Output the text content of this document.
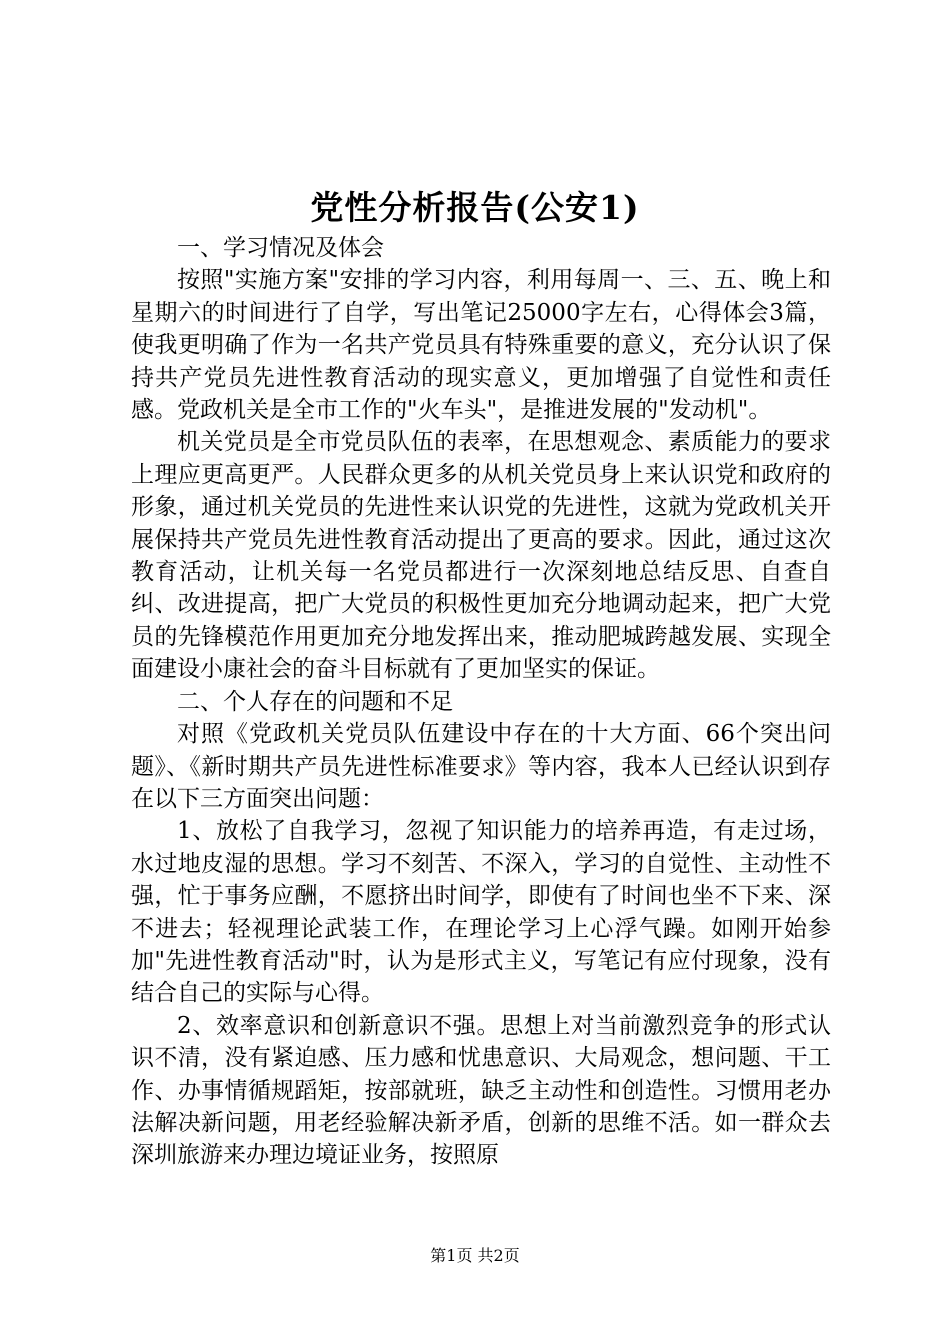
党性分析报告(公安1)

一、学习情况及体会

按照"实施方案"安排的学习内容，利用每周一、三、五、晚上和星期六的时间进行了自学，写出笔记25000字左右，心得体会3篇，使我更明确了作为一名共产党员具有特殊重要的意义，充分认识了保持共产党员先进性教育活动的现实意义，更加增强了自觉性和责任感。党政机关是全市工作的"火车头"，是推进发展的"发动机"。

机关党员是全市党员队伍的表率，在思想观念、素质能力的要求上理应更高更严。人民群众更多的从机关党员身上来认识党和政府的形象，通过机关党员的先进性来认识党的先进性，这就为党政机关开展保持共产党员先进性教育活动提出了更高的要求。因此，通过这次教育活动，让机关每一名党员都进行一次深刻地总结反思、自查自纠、改进提高，把广大党员的积极性更加充分地调动起来，把广大党员的先锋模范作用更加充分地发挥出来，推动肥城跨越发展、实现全面建设小康社会的奋斗目标就有了更加坚实的保证。

二、个人存在的问题和不足

对照《党政机关党员队伍建设中存在的十大方面、66个突出问题》、《新时期共产员先进性标准要求》等内容，我本人已经认识到存在以下三方面突出问题：

1、放松了自我学习，忽视了知识能力的培养再造，有走过场，水过地皮湿的思想。学习不刻苦、不深入，学习的自觉性、主动性不强，忙于事务应酬，不愿挤出时间学，即使有了时间也坐不下来、深不进去；轻视理论武装工作，在理论学习上心浮气躁。如刚开始参加"先进性教育活动"时，认为是形式主义，写笔记有应付现象，没有结合自己的实际与心得。

2、效率意识和创新意识不强。思想上对当前激烈竞争的形式认识不清，没有紧迫感、压力感和忧患意识、大局观念，想问题、干工作、办事情循规蹈矩，按部就班，缺乏主动性和创造性。习惯用老办法解决新问题，用老经验解决新矛盾，创新的思维不活。如一群众去深圳旅游来办理边境证业务，按照原

第1页 共2页
